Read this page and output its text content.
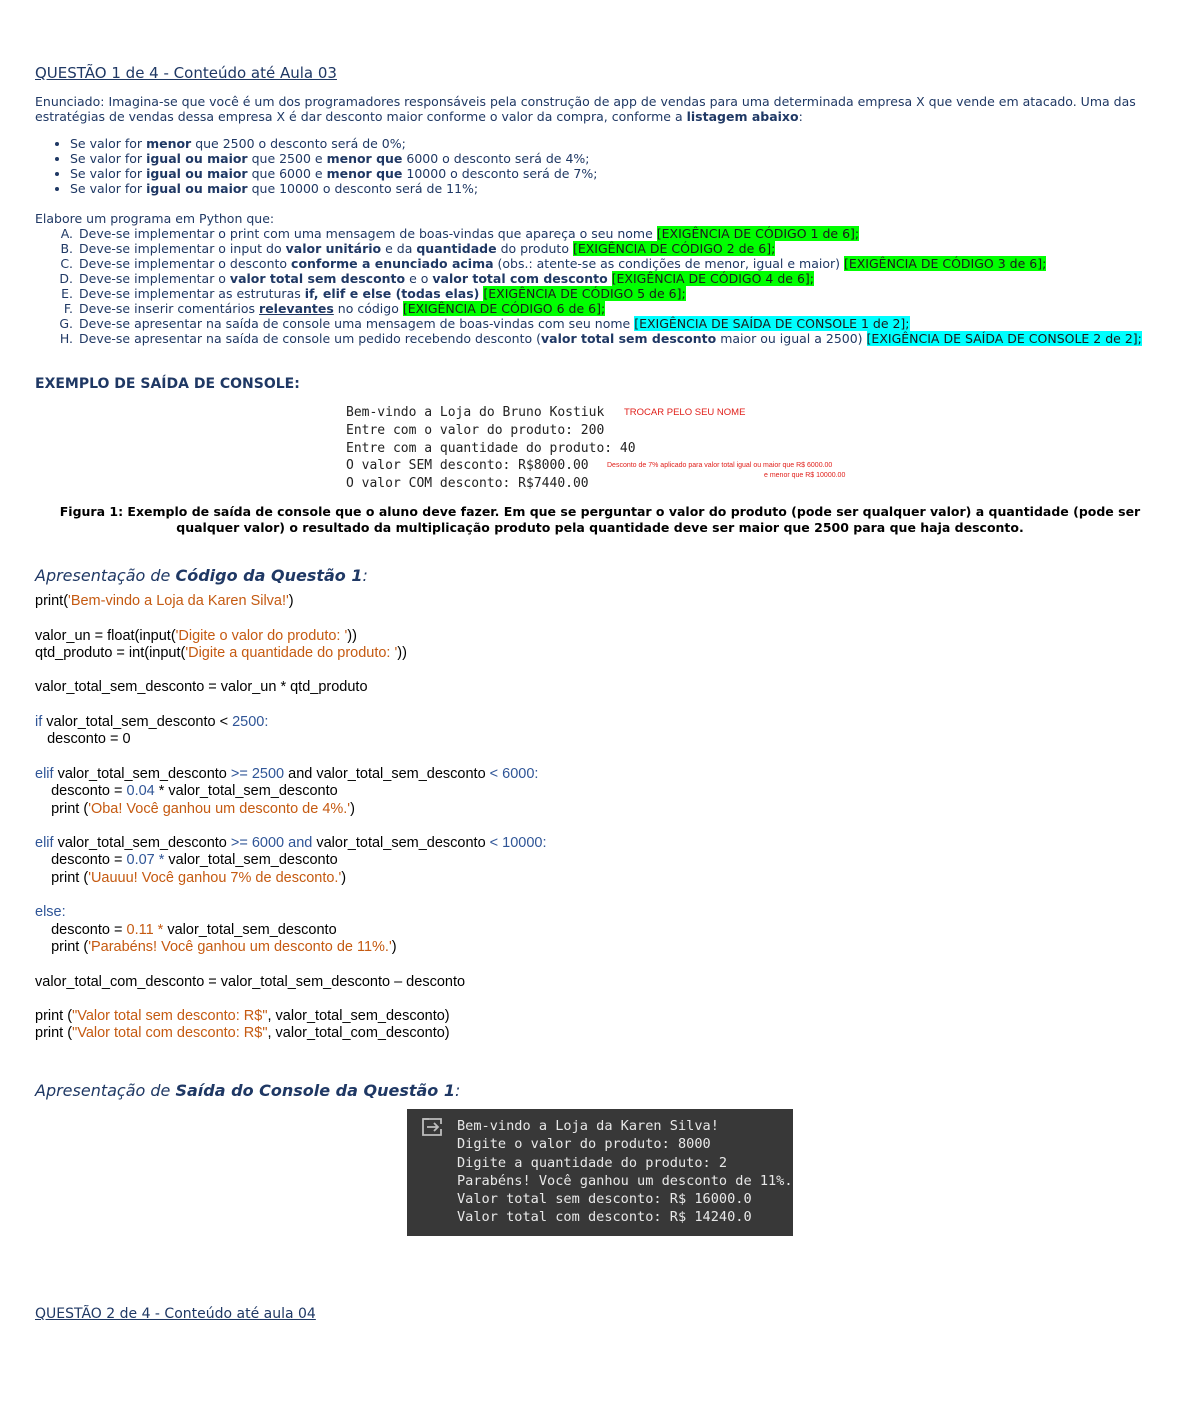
QUESTÃO 1 de 4 - Conteúdo até Aula 03

Enunciado: Imagina-se que você é um dos programadores responsáveis pela construção de app de vendas para uma determinada empresa X que vende em atacado. Uma das estratégias de vendas dessa empresa X é dar desconto maior conforme o valor da compra, conforme a listagem abaixo:

• Se valor for menor que 2500 o desconto será de 0%;
• Se valor for igual ou maior que 2500 e menor que 6000 o desconto será de 4%;
• Se valor for igual ou maior que 6000 e menor que 10000 o desconto será de 7%;
• Se valor for igual ou maior que 10000 o desconto será de 11%;

Elabore um programa em Python que:

A. Deve-se implementar o print com uma mensagem de boas-vindas que apareça o seu nome [EXIGÊNCIA DE CÓDIGO 1 de 6];
B. Deve-se implementar o input do valor unitário e da quantidade do produto [EXIGÊNCIA DE CÓDIGO 2 de 6];
C. Deve-se implementar o desconto conforme a enunciado acima (obs.: atente-se as condições de menor, igual e maior) [EXIGÊNCIA DE CÓDIGO 3 de 6];
D. Deve-se implementar o valor total sem desconto e o valor total com desconto [EXIGÊNCIA DE CÓDIGO 4 de 6];
E. Deve-se implementar as estruturas if, elif e else (todas elas) [EXIGÊNCIA DE CÓDIGO 5 de 6];
F. Deve-se inserir comentários relevantes no código [EXIGÊNCIA DE CÓDIGO 6 de 6];
G. Deve-se apresentar na saída de console uma mensagem de boas-vindas com seu nome [EXIGÊNCIA DE SAÍDA DE CONSOLE 1 de 2];
H. Deve-se apresentar na saída de console um pedido recebendo desconto (valor total sem desconto maior ou igual a 2500) [EXIGÊNCIA DE SAÍDA DE CONSOLE 2 de 2];

EXEMPLO DE SAÍDA DE CONSOLE:

Bem-vindo a Loja do Bruno Kostiuk
Entre com o valor do produto: 200
Entre com a quantidade do produto: 40
O valor SEM desconto: R$8000.00
O valor COM desconto: R$7440.00
TROCAR PELO SEU NOME
Desconto de 7% aplicado para valor total igual ou maior que R$ 6000.00
e menor que R$ 10000.00

Figura 1: Exemplo de saída de console que o aluno deve fazer. Em que se perguntar o valor do produto (pode ser qualquer valor) a quantidade (pode ser qualquer valor) o resultado da multiplicação produto pela quantidade deve ser maior que 2500 para que haja desconto.

Apresentação de Código da Questão 1:

print('Bem-vindo a Loja da Karen Silva!')

valor_un = float(input('Digite o valor do produto: '))
qtd_produto = int(input('Digite a quantidade do produto: '))

valor_total_sem_desconto = valor_un * qtd_produto

if valor_total_sem_desconto < 2500:
desconto = 0

elif valor_total_sem_desconto >= 2500 and valor_total_sem_desconto < 6000:
desconto = 0.04 * valor_total_sem_desconto
print ('Oba! Você ganhou um desconto de 4%.')

elif valor_total_sem_desconto >= 6000 and valor_total_sem_desconto < 10000:
desconto = 0.07 * valor_total_sem_desconto
print ('Uauuu! Você ganhou 7% de desconto.')

else:
desconto = 0.11 * valor_total_sem_desconto
print ('Parabéns! Você ganhou um desconto de 11%.')

valor_total_com_desconto = valor_total_sem_desconto – desconto

print ("Valor total sem desconto: R$", valor_total_sem_desconto)
print ("Valor total com desconto: R$", valor_total_com_desconto)

Apresentação de Saída do Console da Questão 1:

Bem-vindo a Loja da Karen Silva!
Digite o valor do produto: 8000
Digite a quantidade do produto: 2
Parabéns! Você ganhou um desconto de 11%.
Valor total sem desconto: R$ 16000.0
Valor total com desconto: R$ 14240.0
QUESTÃO 2 de 4 - Conteúdo até aula 04
